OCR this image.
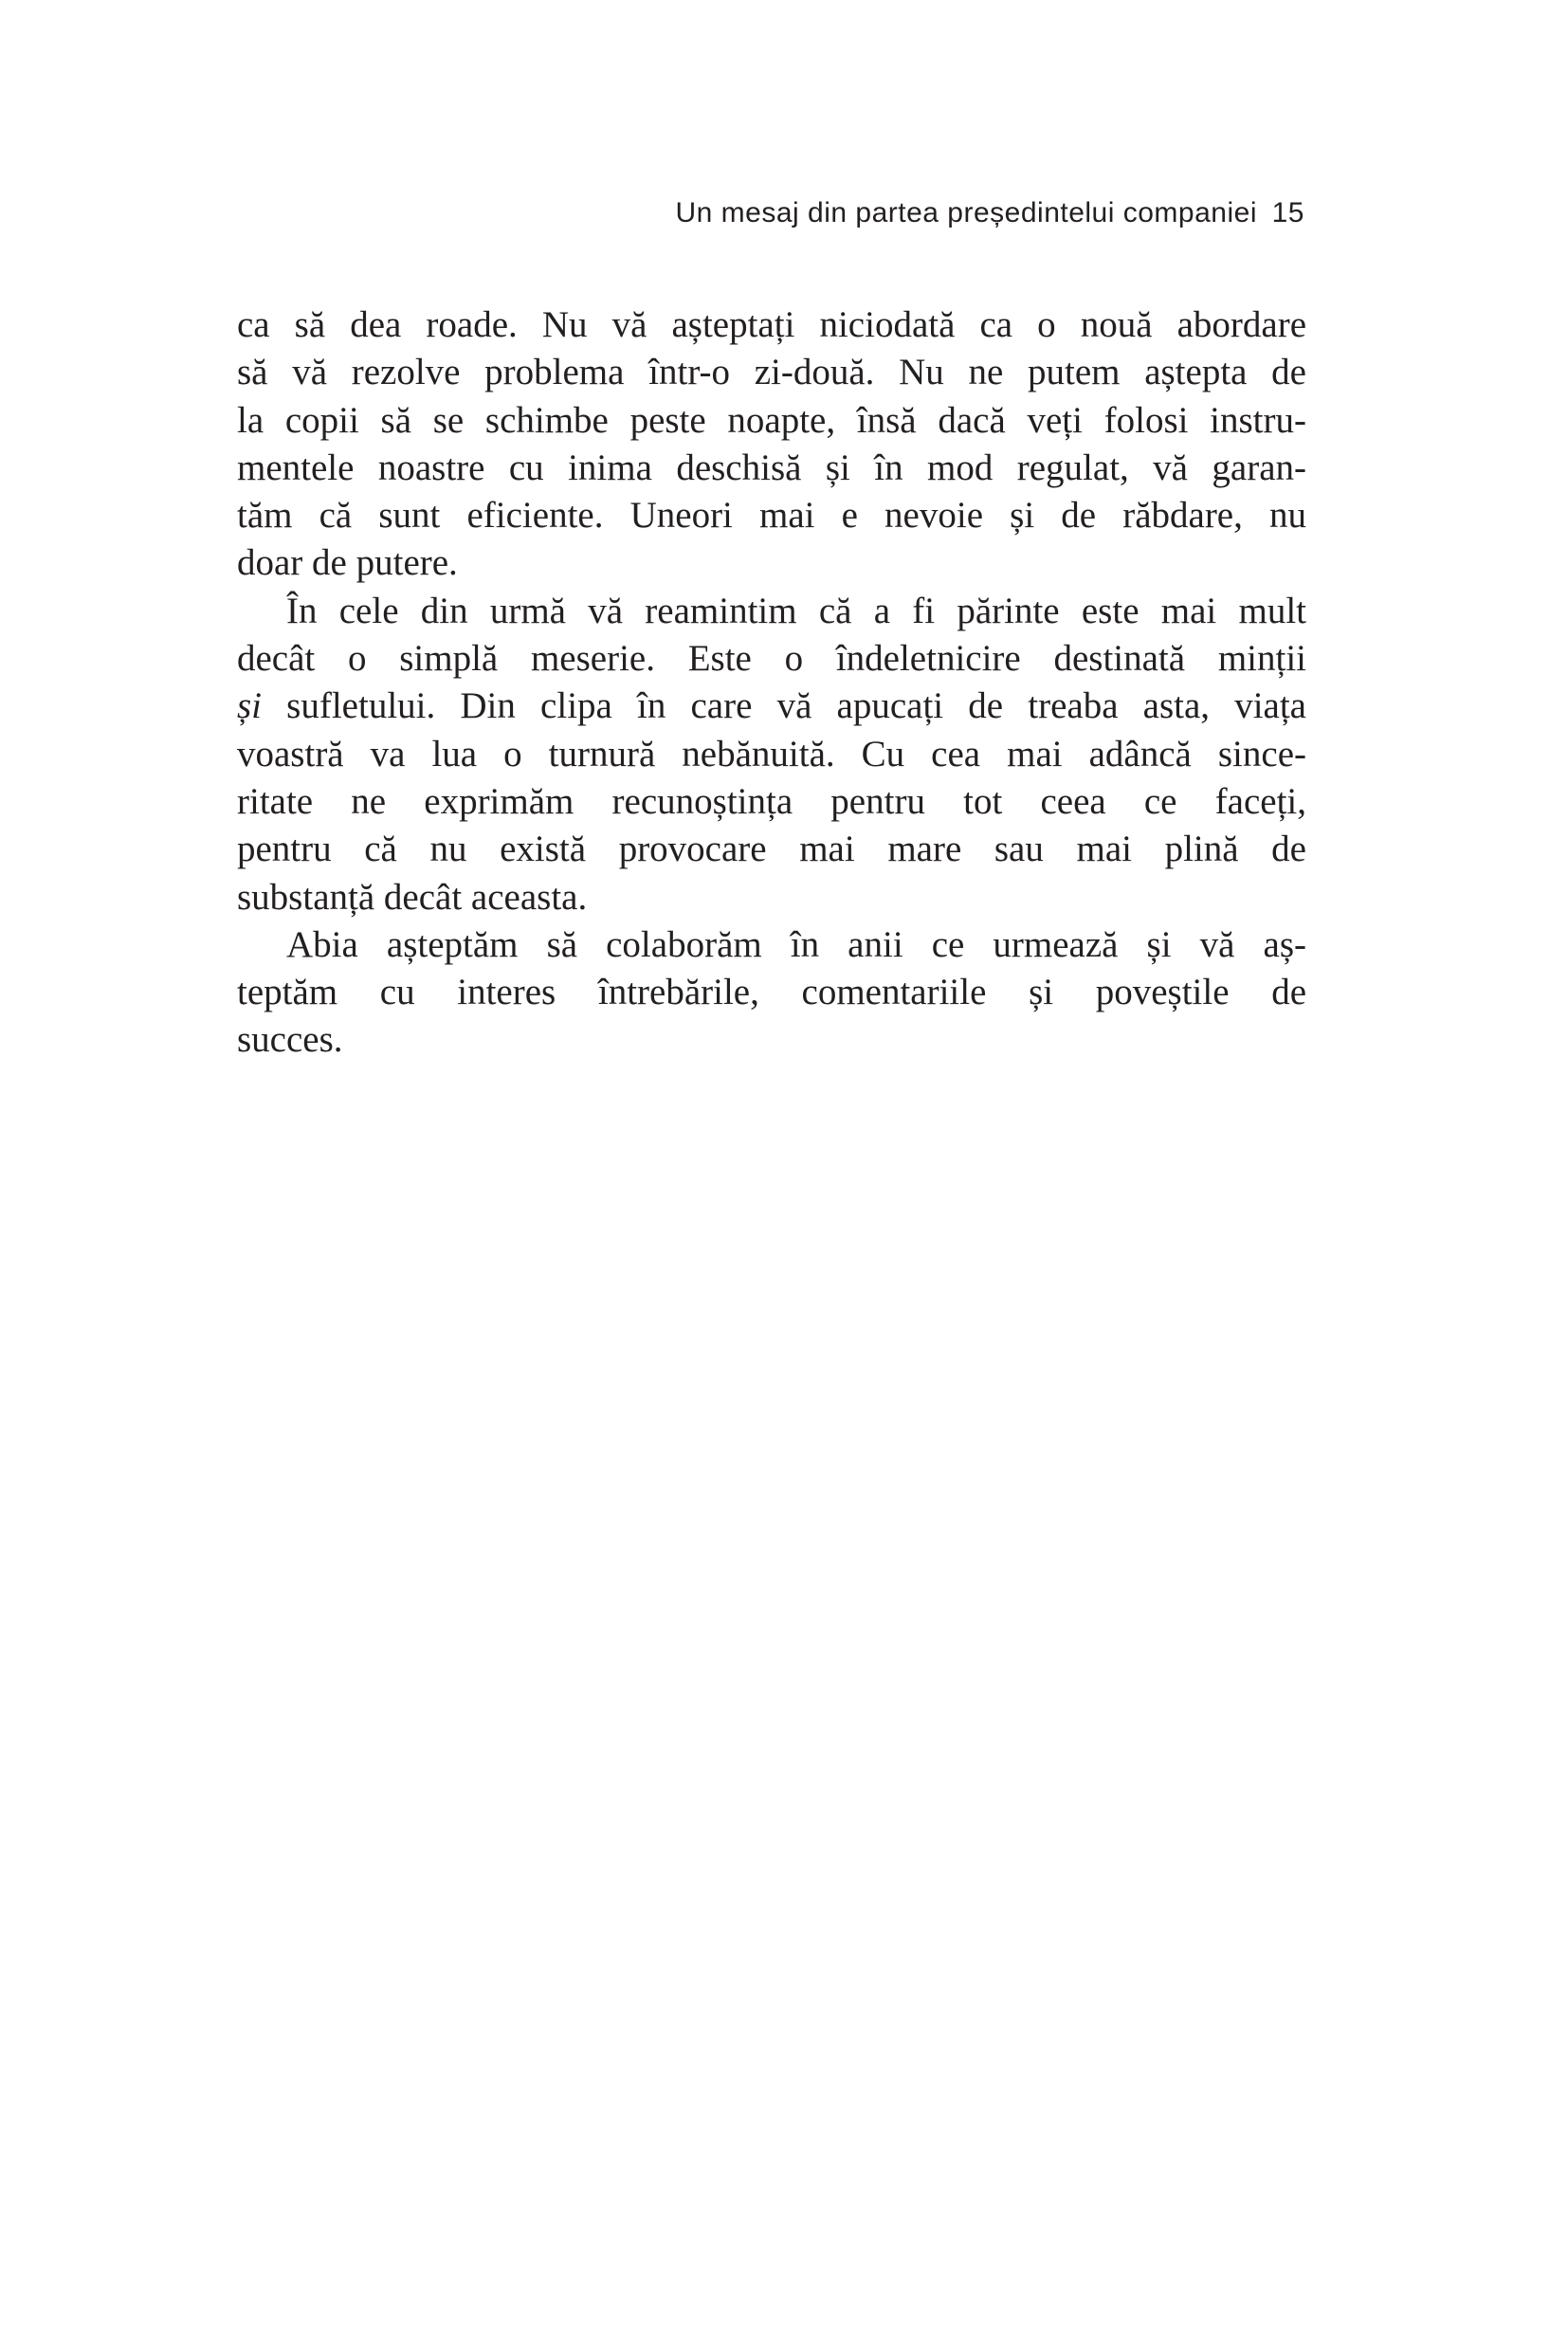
Un mesaj din partea președintelui companiei 15
ca să dea roade. Nu vă așteptați niciodată ca o nouă abordare
să vă rezolve problema într-o zi-două. Nu ne putem aștepta de
la copii să se schimbe peste noapte, însă dacă veți folosi instru-
mentele noastre cu inima deschisă și în mod regulat, vă garan-
tăm că sunt eficiente. Uneori mai e nevoie și de răbdare, nu
doar de putere.
În cele din urmă vă reamintim că a fi părinte este mai mult
decât o simplă meserie. Este o îndeletnicire destinată minții
și sufletului. Din clipa în care vă apucați de treaba asta, viața
voastră va lua o turnură nebănuită. Cu cea mai adâncă since-
ritate ne exprimăm recunoștința pentru tot ceea ce faceți,
pentru că nu există provocare mai mare sau mai plină de
substanță decât aceasta.
Abia așteptăm să colaborăm în anii ce urmează și vă aș-
teptăm cu interes întrebările, comentariile și poveștile de
succes.
